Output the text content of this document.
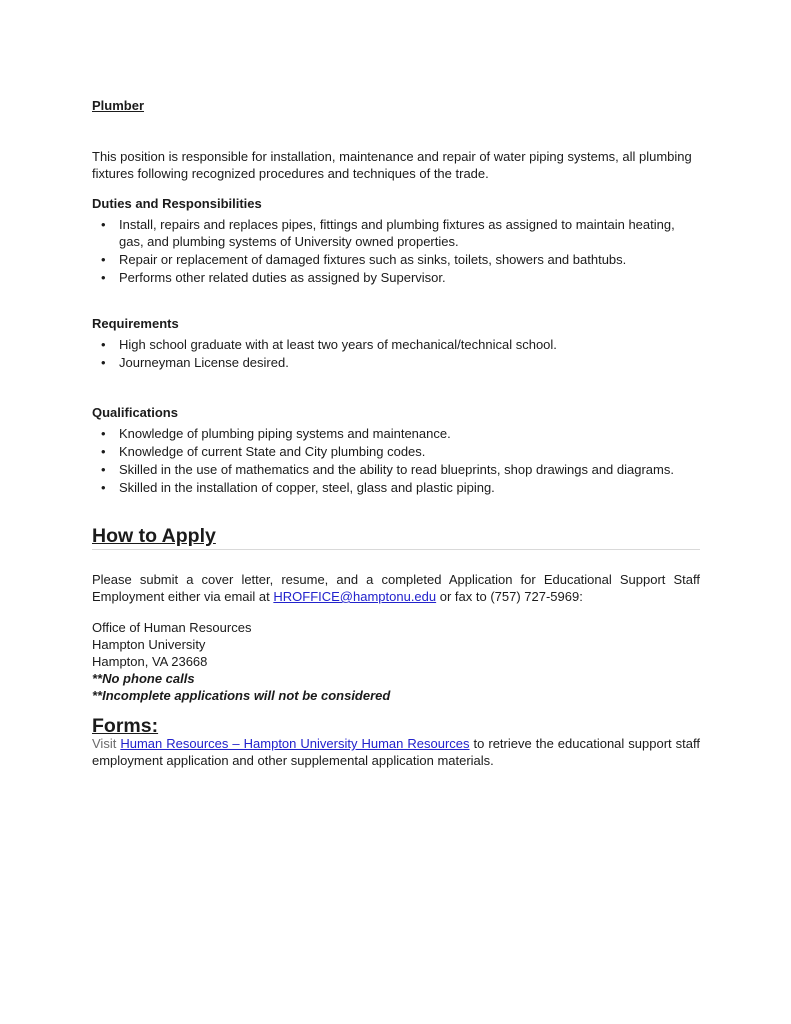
Plumber

This position is responsible for installation, maintenance and repair of water piping systems, all plumbing fixtures following recognized procedures and techniques of the trade.

Duties and Responsibilities
• Install, repairs and replaces pipes, fittings and plumbing fixtures as assigned to maintain heating, gas, and plumbing systems of University owned properties.
• Repair or replacement of damaged fixtures such as sinks, toilets, showers and bathtubs.
• Performs other related duties as assigned by Supervisor.
Requirements
• High school graduate with at least two years of mechanical/technical school.
• Journeyman License desired.
Qualifications
• Knowledge of plumbing piping systems and maintenance.
• Knowledge of current State and City plumbing codes.
• Skilled in the use of mathematics and the ability to read blueprints, shop drawings and diagrams.
• Skilled in the installation of copper, steel, glass and plastic piping.
How to Apply

Please submit a cover letter, resume, and a completed Application for Educational Support Staff Employment either via email at HROFFICE@hamptonu.edu or fax to (757) 727-5969:

Office of Human Resources

Hampton University

Hampton, VA 23668

**No phone calls

**Incomplete applications will not be considered

Forms:

Visit Human Resources – Hampton University Human Resources to retrieve the educational support staff employment application and other supplemental application materials.
